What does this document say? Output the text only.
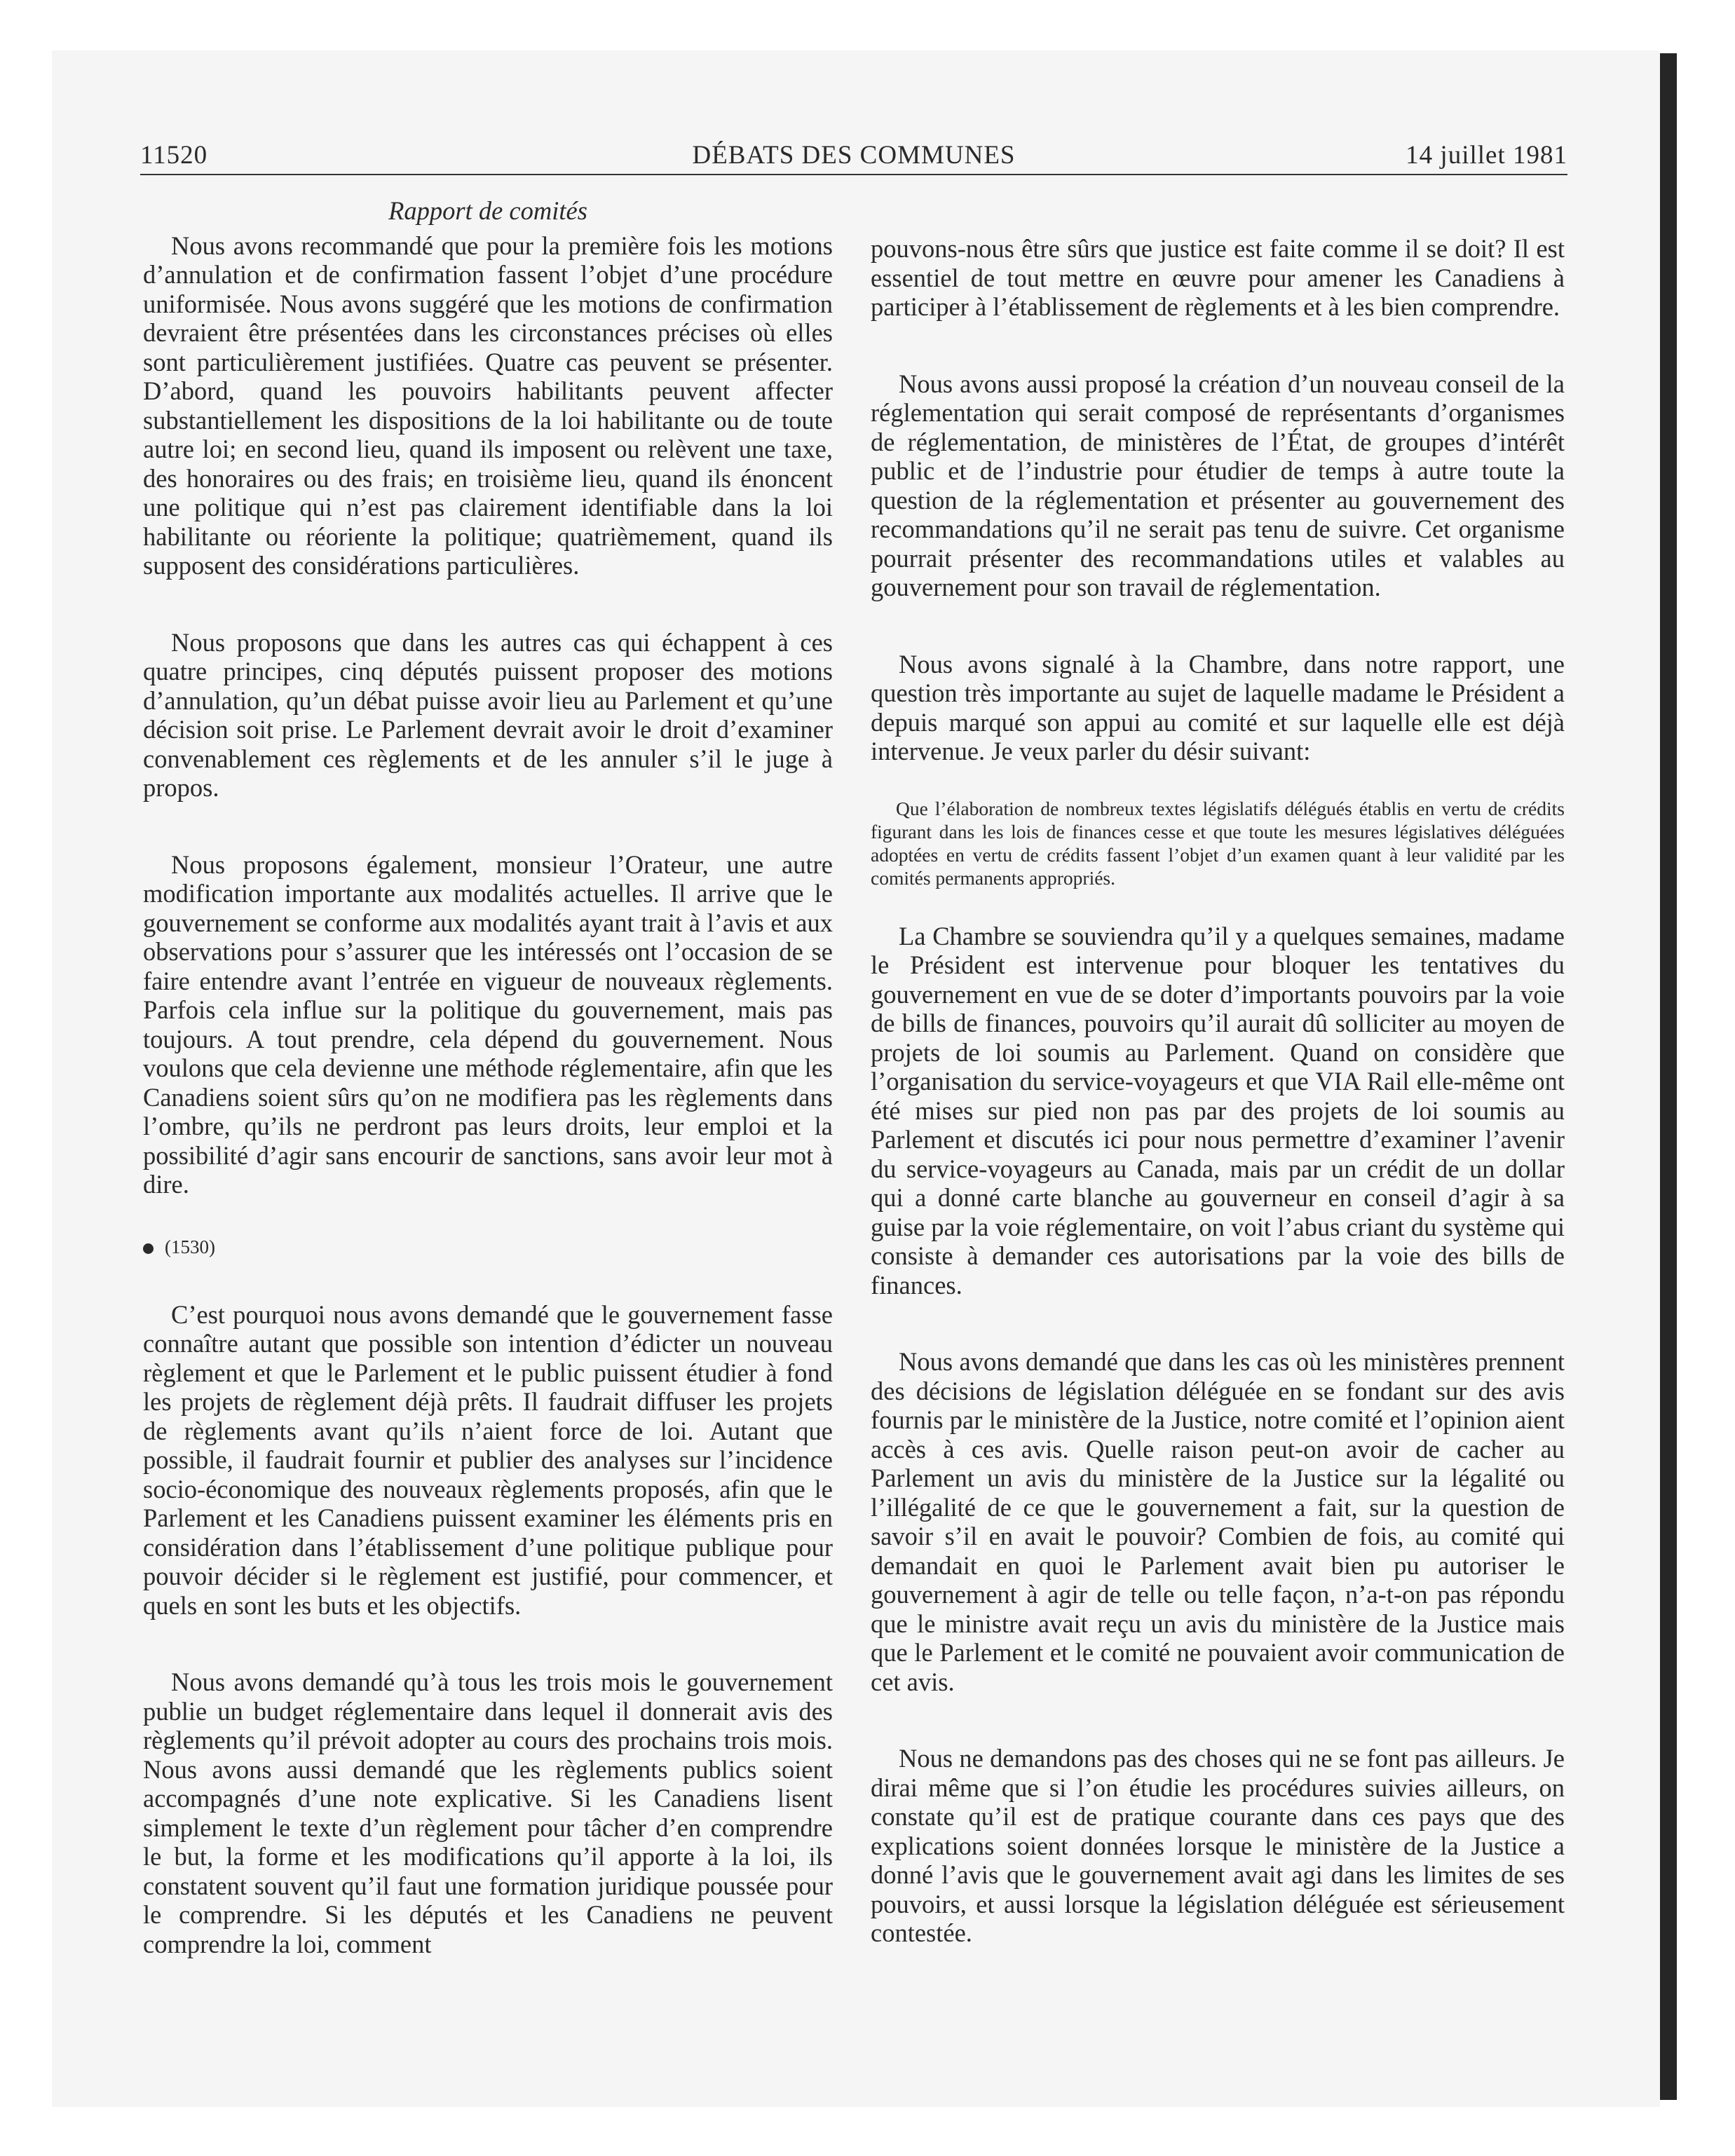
11520	DÉBATS DES COMMUNES	14 juillet 1981

Rapport de comités

Nous avons recommandé que pour la première fois les motions d’annulation et de confirmation fassent l’objet d’une procédure uniformisée. Nous avons suggéré que les motions de confirmation devraient être présentées dans les circonstances précises où elles sont particulièrement justifiées. Quatre cas peuvent se présenter. D’abord, quand les pouvoirs habilitants peuvent affecter substantiellement les dispositions de la loi habilitante ou de toute autre loi; en second lieu, quand ils imposent ou relèvent une taxe, des honoraires ou des frais; en troisième lieu, quand ils énoncent une politique qui n’est pas clairement identifiable dans la loi habilitante ou réoriente la politique; quatrièmement, quand ils supposent des considérations particulières.

Nous proposons que dans les autres cas qui échappent à ces quatre principes, cinq députés puissent proposer des motions d’annulation, qu’un débat puisse avoir lieu au Parlement et qu’une décision soit prise. Le Parlement devrait avoir le droit d’examiner convenablement ces règlements et de les annuler s’il le juge à propos.

Nous proposons également, monsieur l’Orateur, une autre modification importante aux modalités actuelles. Il arrive que le gouvernement se conforme aux modalités ayant trait à l’avis et aux observations pour s’assurer que les intéressés ont l’occasion de se faire entendre avant l’entrée en vigueur de nouveaux règlements. Parfois cela influe sur la politique du gouvernement, mais pas toujours. A tout prendre, cela dépend du gouvernement. Nous voulons que cela devienne une méthode réglementaire, afin que les Canadiens soient sûrs qu’on ne modifiera pas les règlements dans l’ombre, qu’ils ne perdront pas leurs droits, leur emploi et la possibilité d’agir sans encourir de sanctions, sans avoir leur mot à dire.

(1530)

C’est pourquoi nous avons demandé que le gouvernement fasse connaître autant que possible son intention d’édicter un nouveau règlement et que le Parlement et le public puissent étudier à fond les projets de règlement déjà prêts. Il faudrait diffuser les projets de règlements avant qu’ils n’aient force de loi. Autant que possible, il faudrait fournir et publier des analyses sur l’incidence socio-économique des nouveaux règlements proposés, afin que le Parlement et les Canadiens puissent examiner les éléments pris en considération dans l’établissement d’une politique publique pour pouvoir décider si le règlement est justifié, pour commencer, et quels en sont les buts et les objectifs.

Nous avons demandé qu’à tous les trois mois le gouvernement publie un budget réglementaire dans lequel il donnerait avis des règlements qu’il prévoit adopter au cours des prochains trois mois. Nous avons aussi demandé que les règlements publics soient accompagnés d’une note explicative. Si les Canadiens lisent simplement le texte d’un règlement pour tâcher d’en comprendre le but, la forme et les modifications qu’il apporte à la loi, ils constatent souvent qu’il faut une formation juridique poussée pour le comprendre. Si les députés et les Canadiens ne peuvent comprendre la loi, comment

pouvons-nous être sûrs que justice est faite comme il se doit? Il est essentiel de tout mettre en œuvre pour amener les Canadiens à participer à l’établissement de règlements et à les bien comprendre.

Nous avons aussi proposé la création d’un nouveau conseil de la réglementation qui serait composé de représentants d’organismes de réglementation, de ministères de l’État, de groupes d’intérêt public et de l’industrie pour étudier de temps à autre toute la question de la réglementation et présenter au gouvernement des recommandations qu’il ne serait pas tenu de suivre. Cet organisme pourrait présenter des recommandations utiles et valables au gouvernement pour son travail de réglementation.

Nous avons signalé à la Chambre, dans notre rapport, une question très importante au sujet de laquelle madame le Président a depuis marqué son appui au comité et sur laquelle elle est déjà intervenue. Je veux parler du désir suivant:

Que l’élaboration de nombreux textes législatifs délégués établis en vertu de crédits figurant dans les lois de finances cesse et que toute les mesures législatives déléguées adoptées en vertu de crédits fassent l’objet d’un examen quant à leur validité par les comités permanents appropriés.

La Chambre se souviendra qu’il y a quelques semaines, madame le Président est intervenue pour bloquer les tentatives du gouvernement en vue de se doter d’importants pouvoirs par la voie de bills de finances, pouvoirs qu’il aurait dû solliciter au moyen de projets de loi soumis au Parlement. Quand on considère que l’organisation du service-voyageurs et que VIA Rail elle-même ont été mises sur pied non pas par des projets de loi soumis au Parlement et discutés ici pour nous permettre d’examiner l’avenir du service-voyageurs au Canada, mais par un crédit de un dollar qui a donné carte blanche au gouverneur en conseil d’agir à sa guise par la voie réglementaire, on voit l’abus criant du système qui consiste à demander ces autorisations par la voie des bills de finances.

Nous avons demandé que dans les cas où les ministères prennent des décisions de législation déléguée en se fondant sur des avis fournis par le ministère de la Justice, notre comité et l’opinion aient accès à ces avis. Quelle raison peut-on avoir de cacher au Parlement un avis du ministère de la Justice sur la légalité ou l’illégalité de ce que le gouvernement a fait, sur la question de savoir s’il en avait le pouvoir? Combien de fois, au comité qui demandait en quoi le Parlement avait bien pu autoriser le gouvernement à agir de telle ou telle façon, n’a-t-on pas répondu que le ministre avait reçu un avis du ministère de la Justice mais que le Parlement et le comité ne pouvaient avoir communication de cet avis.

Nous ne demandons pas des choses qui ne se font pas ailleurs. Je dirai même que si l’on étudie les procédures suivies ailleurs, on constate qu’il est de pratique courante dans ces pays que des explications soient données lorsque le ministère de la Justice a donné l’avis que le gouvernement avait agi dans les limites de ses pouvoirs, et aussi lorsque la législation déléguée est sérieusement contestée.
